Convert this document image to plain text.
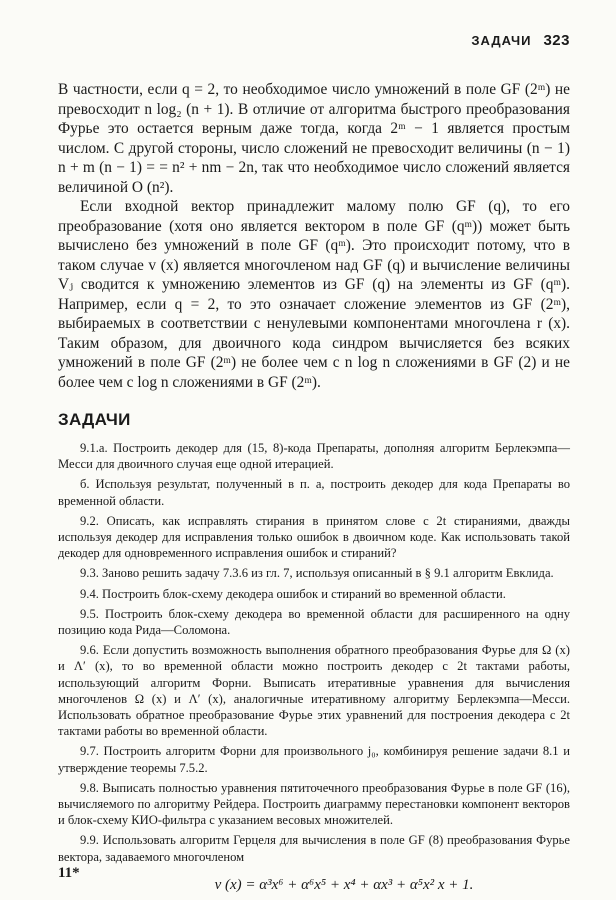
ЗАДАЧИ 323

В частности, если q = 2, то необходимое число умножений в поле GF (2ᵐ) не превосходит n log₂ (n + 1). В отличие от алгоритма быстрого преобразования Фурье это остается верным даже тогда, когда 2ᵐ − 1 является простым числом. С другой стороны, число сложений не превосходит величины (n − 1) n + m (n − 1) = = n² + nm − 2n, так что необходимое число сложений является величиной O (n²).

Если входной вектор принадлежит малому полю GF (q), то его преобразование (хотя оно является вектором в поле GF (qᵐ)) может быть вычислено без умножений в поле GF (qᵐ). Это происходит потому, что в таком случае v (x) является многочленом над GF (q) и вычисление величины Vⱼ сводится к умножению элементов из GF (q) на элементы из GF (qᵐ). Например, если q = 2, то это означает сложение элементов из GF (2ᵐ), выбираемых в соответствии с ненулевыми компонентами многочлена r (x). Таким образом, для двоичного кода синдром вычисляется без всяких умножений в поле GF (2ᵐ) не более чем с n log n сложениями в GF (2) и не более чем с log n сложениями в GF (2ᵐ).

ЗАДАЧИ

9.1.а. Построить декодер для (15, 8)-кода Препараты, дополняя алгоритм Берлекэмпа—Месси для двоичного случая еще одной итерацией.

б. Используя результат, полученный в п. а, построить декодер для кода Препараты во временной области.

9.2. Описать, как исправлять стирания в принятом слове с 2t стираниями, дважды используя декодер для исправления только ошибок в двоичном коде. Как использовать такой декодер для одновременного исправления ошибок и стираний?

9.3. Заново решить задачу 7.3.6 из гл. 7, используя описанный в § 9.1 алгоритм Евклида.

9.4. Построить блок-схему декодера ошибок и стираний во временной области.

9.5. Построить блок-схему декодера во временной области для расширенного на одну позицию кода Рида—Соломона.

9.6. Если допустить возможность выполнения обратного преобразования Фурье для Ω (x) и Λ′ (x), то во временной области можно построить декодер с 2t тактами работы, использующий алгоритм Форни. Выписать итеративные уравнения для вычисления многочленов Ω (x) и Λ′ (x), аналогичные итеративному алгоритму Берлекэмпа—Месси. Использовать обратное преобразование Фурье этих уравнений для построения декодера с 2t тактами работы во временной области.

9.7. Построить алгоритм Форни для произвольного j₀, комбинируя решение задачи 8.1 и утверждение теоремы 7.5.2.

9.8. Выписать полностью уравнения пятиточечного преобразования Фурье в поле GF (16), вычисляемого по алгоритму Рейдера. Построить диаграмму перестановки компонент векторов и блок-схему КИО-фильтра с указанием весовых множителей.

9.9. Использовать алгоритм Герцеля для вычисления в поле GF (8) преобразования Фурье вектора, задаваемого многочленом

v (x) = α³x⁶ + α⁶x⁵ + x⁴ + αx³ + α⁵x² x + 1.
11*
